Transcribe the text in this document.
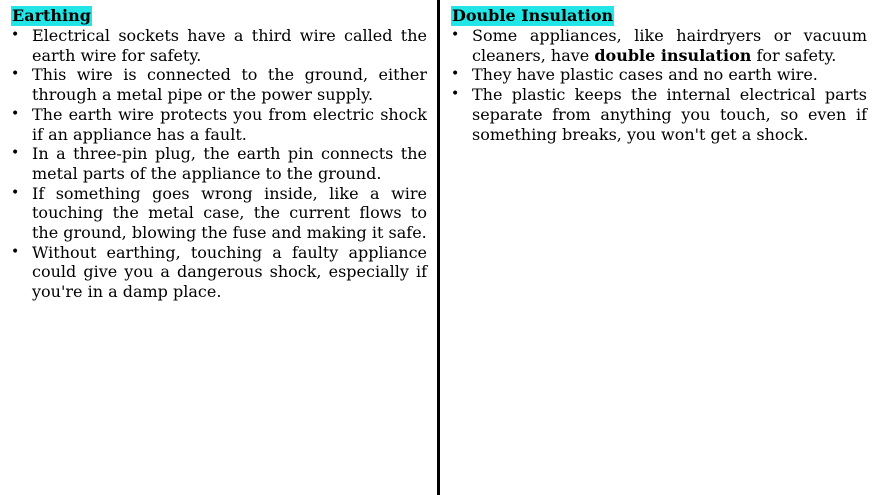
Earthing
• Electrical sockets have a third wire called the earth wire for safety.
• This wire is connected to the ground, either through a metal pipe or the power supply.
• The earth wire protects you from electric shock if an appliance has a fault.
• In a three-pin plug, the earth pin connects the metal parts of the appliance to the ground.
• If something goes wrong inside, like a wire touching the metal case, the current flows to the ground, blowing the fuse and making it safe.
• Without earthing, touching a faulty appliance could give you a dangerous shock, especially if you're in a damp place.
Double Insulation
• Some appliances, like hairdryers or vacuum cleaners, have double insulation for safety.
• They have plastic cases and no earth wire.
• The plastic keeps the internal electrical parts separate from anything you touch, so even if something breaks, you won't get a shock.
